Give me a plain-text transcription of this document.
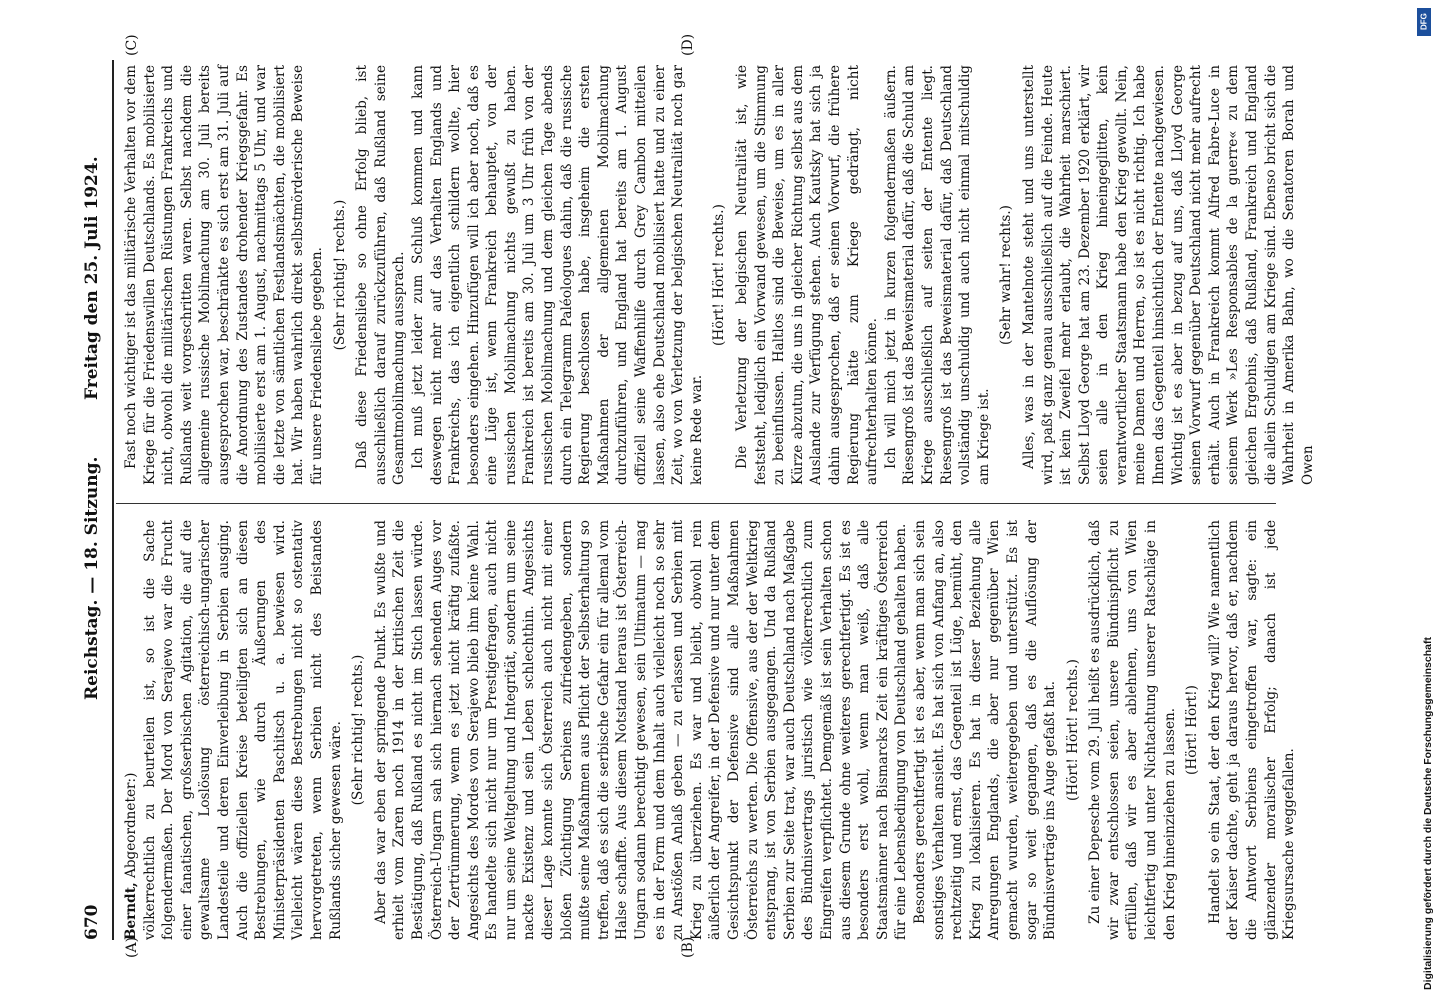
670
Reichstag. — 18. Sitzung.
Freitag den 25. Juli 1924.
(A)	(B)
(C)	(D)

Berndt, Abgeordneter:) völkerrechtlich zu beurteilen ist, so ist die Sache folgendermaßen. Der Mord von Serajewo war die Frucht einer fanatischen, großserbischen Agitation, die auf die gewaltsame Loslösung österreichisch-ungarischer Landesteile und deren Einverleibung in Serbien ausging. Auch die offiziellen Kreise beteiligten sich an diesen Bestrebungen, wie durch Äußerungen des Ministerpräsidenten Paschitsch u. a. bewiesen wird. Vielleicht wären diese Bestrebungen nicht so ostentativ hervorgetreten, wenn Serbien nicht des Beistandes Rußlands sicher gewesen wäre. (Sehr richtig! rechts.) Aber das war eben der springende Punkt. Es wußte und erhielt vom Zaren noch 1914 in der kritischen Zeit die Bestätigung, daß Rußland es nicht im Stich lassen würde. Österreich-Ungarn sah sich hiernach sehenden Auges vor der Zertrümmerung, wenn es jetzt nicht kräftig zufaßte. Angesichts des Mordes von Serajewo blieb ihm keine Wahl. Es handelte sich nicht nur um Prestigefragen, auch nicht nur um seine Weltgeltung und Integrität, sondern um seine nackte Existenz und sein Leben schlechthin. Angesichts dieser Lage konnte sich Österreich auch nicht mit einer bloßen Züchtigung Serbiens zufriedengeben, sondern mußte seine Maßnahmen aus Pflicht der Selbsterhaltung so treffen, daß es sich die serbische Gefahr ein für allemal vom Halse schaffte. Aus diesem Notstand heraus ist Österreich-Ungarn sodann berechtigt gewesen, sein Ultimatum — mag es in der Form und dem Inhalt auch vielleicht noch so sehr zu Anstößen Anlaß geben — zu erlassen und Serbien mit Krieg zu überziehen. Es war und bleibt, obwohl rein äußerlich der Angreifer, in der Defensive und nur unter dem Gesichtspunkt der Defensive sind alle Maßnahmen Österreichs zu werten. Die Offensive, aus der der Weltkrieg entsprang, ist von Serbien ausgegangen. Und da Rußland Serbien zur Seite trat, war auch Deutschland nach Maßgabe des Bündnisvertrags juristisch wie völkerrechtlich zum Eingreifen verpflichtet. Demgemäß ist sein Verhalten schon aus diesem Grunde ohne weiteres gerechtfertigt. Es ist es besonders erst wohl, wenn man weiß, daß alle Staatsmänner nach Bismarcks Zeit ein kräftiges Österreich für eine Lebensbedingung von Deutschland gehalten haben. Besonders gerechtfertigt ist es aber, wenn man sich sein sonstiges Verhalten ansieht. Es hat sich von Anfang an, also rechtzeitig und ernst, das Gegenteil ist Lüge, bemüht, den Krieg zu lokalisieren. Es hat in dieser Beziehung alle Anregungen Englands, die aber nur gegenüber Wien gemacht wurden, weitergegeben und unterstützt. Es ist sogar so weit gegangen, daß es die Auflösung der Bündnisverträge ins Auge gefaßt hat. (Hört! Hört! rechts.) Zu einer Depesche vom 29. Juli heißt es ausdrücklich, daß wir zwar entschlossen seien, unsere Bündnispflicht zu erfüllen, daß wir es aber ablehnen, uns von Wien leichtfertig und unter Nichtachtung unserer Ratschläge in den Krieg hineinziehen zu lassen. (Hört! Hört!) Handelt so ein Staat, der den Krieg will? Wie namentlich der Kaiser dachte, geht ja daraus hervor, daß er, nachdem die Antwort Serbiens eingetroffen war, sagte: ein glänzender moralischer Erfolg; danach ist jede Kriegsursache weggefallen.

Fast noch wichtiger ist das militärische Verhalten vor dem Kriege für die Friedenswillen Deutschlands. Es mobilisierte nicht, obwohl die militärischen Rüstungen Frankreichs und Rußlands weit vorgeschritten waren. Selbst nachdem die allgemeine russische Mobilmachung am 30. Juli bereits ausgesprochen war, beschränkte es sich erst am 31. Juli auf die Anordnung des Zustandes drohender Kriegsgefahr. Es mobilisierte erst am 1. August, nachmittags 5 Uhr, und war die letzte von sämtlichen Festlandsmächten, die mobilisiert hat. Wir haben wahrlich direkt selbstmörderische Beweise für unsere Friedensliebe gegeben. (Sehr richtig! rechts.) Daß diese Friedensliebe so ohne Erfolg blieb, ist ausschließlich darauf zurückzuführen, daß Rußland seine Gesamtmobilmachung aussprach. Ich muß jetzt leider zum Schluß kommen und kann deswegen nicht mehr auf das Verhalten Englands und Frankreichs, das ich eigentlich schildern wollte, hier besonders eingehen. Hinzufügen will ich aber noch, daß es eine Lüge ist, wenn Frankreich behauptet, von der russischen Mobilmachung nichts gewußt zu haben. Frankreich ist bereits am 30. Juli um 3 Uhr früh von der russischen Mobilmachung und dem gleichen Tage abends durch ein Telegramm Paléologues dahin, daß die russische Regierung beschlossen habe, insgeheim die ersten Maßnahmen der allgemeinen Mobilmachung durchzuführen, und England hat bereits am 1. August offiziell seine Waffenhilfe durch Grey Cambon mitteilen lassen, also ehe Deutschland mobilisiert hatte und zu einer Zeit, wo von Verletzung der belgischen Neutralität noch gar keine Rede war.

(Hört! Hört! rechts.) Die Verletzung der belgischen Neutralität ist, wie feststeht, lediglich ein Vorwand gewesen, um die Stimmung zu beeinflussen. Haltlos sind die Beweise, um es in aller Kürze abzutun, die uns in gleicher Richtung selbst aus dem Auslande zur Verfügung stehen. Auch Kautsky hat sich ja dahin ausgesprochen, daß er seinen Vorwurf, die frühere Regierung hätte zum Kriege gedrängt, nicht aufrechterhalten könne. Ich will mich jetzt in kurzen folgendermaßen äußern. Riesengroß ist das Beweismaterial dafür, daß die Schuld am Kriege ausschließlich auf seiten der Entente liegt. Riesengroß ist das Beweismaterial dafür, daß Deutschland vollständig unschuldig und auch nicht einmal mitschuldig am Kriege ist.

(Sehr wahr! rechts.) Alles, was in der Mantelnote steht und uns unterstellt wird, paßt ganz genau ausschließlich auf die Feinde. Heute ist kein Zweifel mehr erlaubt, die Wahrheit marschiert. Selbst Lloyd George hat am 23. Dezember 1920 erklärt, wir seien alle in den Krieg hineingeglitten, kein verantwortlicher Staatsmann habe den Krieg gewollt. Nein, meine Damen und Herren, so ist es nicht richtig. Ich habe Ihnen das Gegenteil hinsichtlich der Entente nachgewiesen. Wichtig ist es aber in bezug auf uns, daß Lloyd George seinen Vorwurf gegenüber Deutschland nicht mehr aufrecht erhält. Auch in Frankreich kommt Alfred Fabre-Luce in seinem Werk »Les Responsables de la guerre« zu dem gleichen Ergebnis, daß Rußland, Frankreich und England die allein Schuldigen am Kriege sind. Ebenso bricht sich die Wahrheit in Amerika Bahn, wo die Senatoren Borah und Owen

DFG
Digitalisierung gefördert durch die Deutsche Forschungsgemeinschaft
